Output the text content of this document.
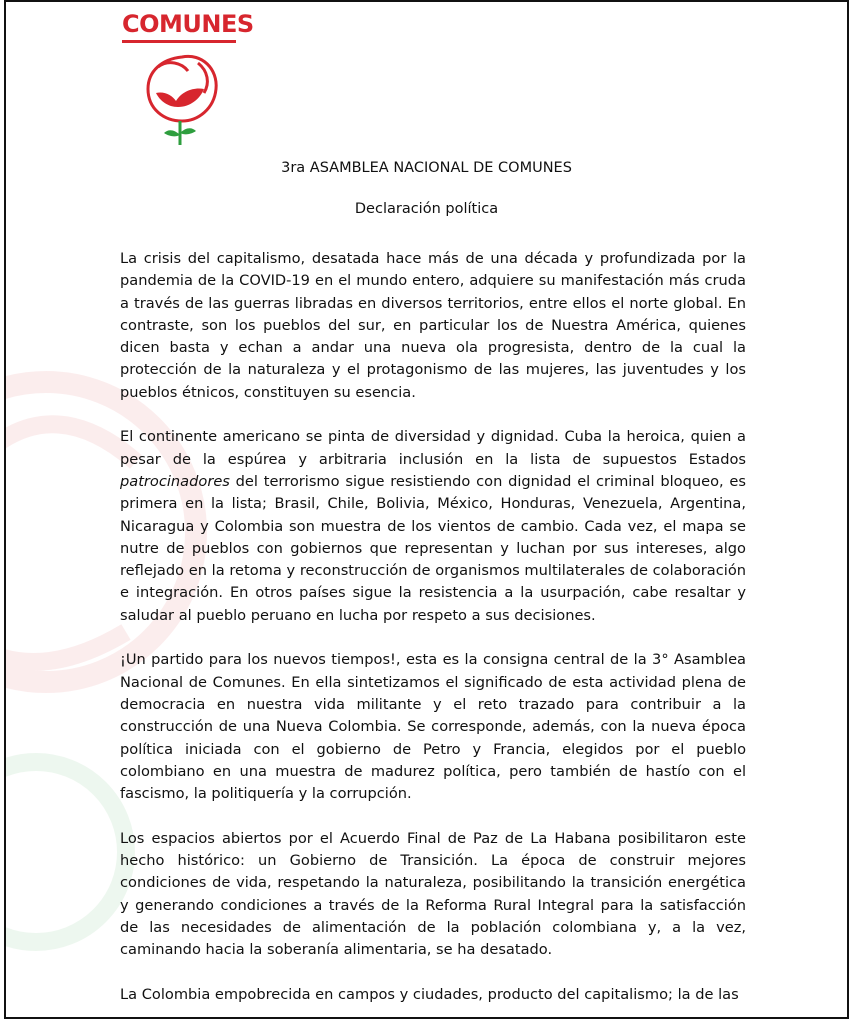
COMUNES
3ra ASAMBLEA NACIONAL DE COMUNES
Declaración política

La crisis del capitalismo, desatada hace más de una década y profundizada por la pandemia de la COVID-19 en el mundo entero, adquiere su manifestación más cruda a través de las guerras libradas en diversos territorios, entre ellos el norte global. En contraste, son los pueblos del sur, en particular los de Nuestra América, quienes dicen basta y echan a andar una nueva ola progresista, dentro de la cual la protección de la naturaleza y el protagonismo de las mujeres, las juventudes y los pueblos étnicos, constituyen su esencia.

El continente americano se pinta de diversidad y dignidad. Cuba la heroica, quien a pesar de la espúrea y arbitraria inclusión en la lista de supuestos Estados patrocinadores del terrorismo sigue resistiendo con dignidad el criminal bloqueo, es primera en la lista; Brasil, Chile, Bolivia, México, Honduras, Venezuela, Argentina, Nicaragua y Colombia son muestra de los vientos de cambio. Cada vez, el mapa se nutre de pueblos con gobiernos que representan y luchan por sus intereses, algo reflejado en la retoma y reconstrucción de organismos multilaterales de colaboración e integración. En otros países sigue la resistencia a la usurpación, cabe resaltar y saludar al pueblo peruano en lucha por respeto a sus decisiones.

¡Un partido para los nuevos tiempos!, esta es la consigna central de la 3° Asamblea Nacional de Comunes. En ella sintetizamos el significado de esta actividad plena de democracia en nuestra vida militante y el reto trazado para contribuir a la construcción de una Nueva Colombia. Se corresponde, además, con la nueva época política iniciada con el gobierno de Petro y Francia, elegidos por el pueblo colombiano en una muestra de madurez política, pero también de hastío con el fascismo, la politiquería y la corrupción.

Los espacios abiertos por el Acuerdo Final de Paz de La Habana posibilitaron este hecho histórico: un Gobierno de Transición. La época de construir mejores condiciones de vida, respetando la naturaleza, posibilitando la transición energética y generando condiciones a través de la Reforma Rural Integral para la satisfacción de las necesidades de alimentación de la población colombiana y, a la vez, caminando hacia la soberanía alimentaria, se ha desatado.

La Colombia empobrecida en campos y ciudades, producto del capitalismo; la de las
